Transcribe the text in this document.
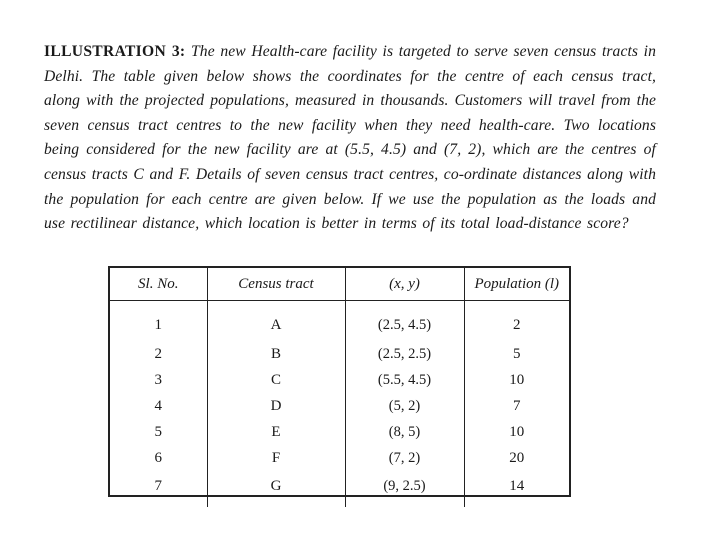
ILLUSTRATION 3: The new Health-care facility is targeted to serve seven census tracts in Delhi. The table given below shows the coordinates for the centre of each census tract, along with the projected populations, measured in thousands. Customers will travel from the seven census tract centres to the new facility when they need health-care. Two locations being considered for the new facility are at (5.5, 4.5) and (7, 2), which are the centres of census tracts C and F. Details of seven census tract centres, co-ordinate distances along with the population for each centre are given below. If we use the population as the loads and use rectilinear distance, which location is better in terms of its total load-distance score?

Sl. No.	Census tract	(x, y)	Population (l)
1	A	(2.5, 4.5)	2
2	B	(2.5, 2.5)	5
3	C	(5.5, 4.5)	10
4	D	(5, 2)	7
5	E	(8, 5)	10
6	F	(7, 2)	20
7	G	(9, 2.5)	14
